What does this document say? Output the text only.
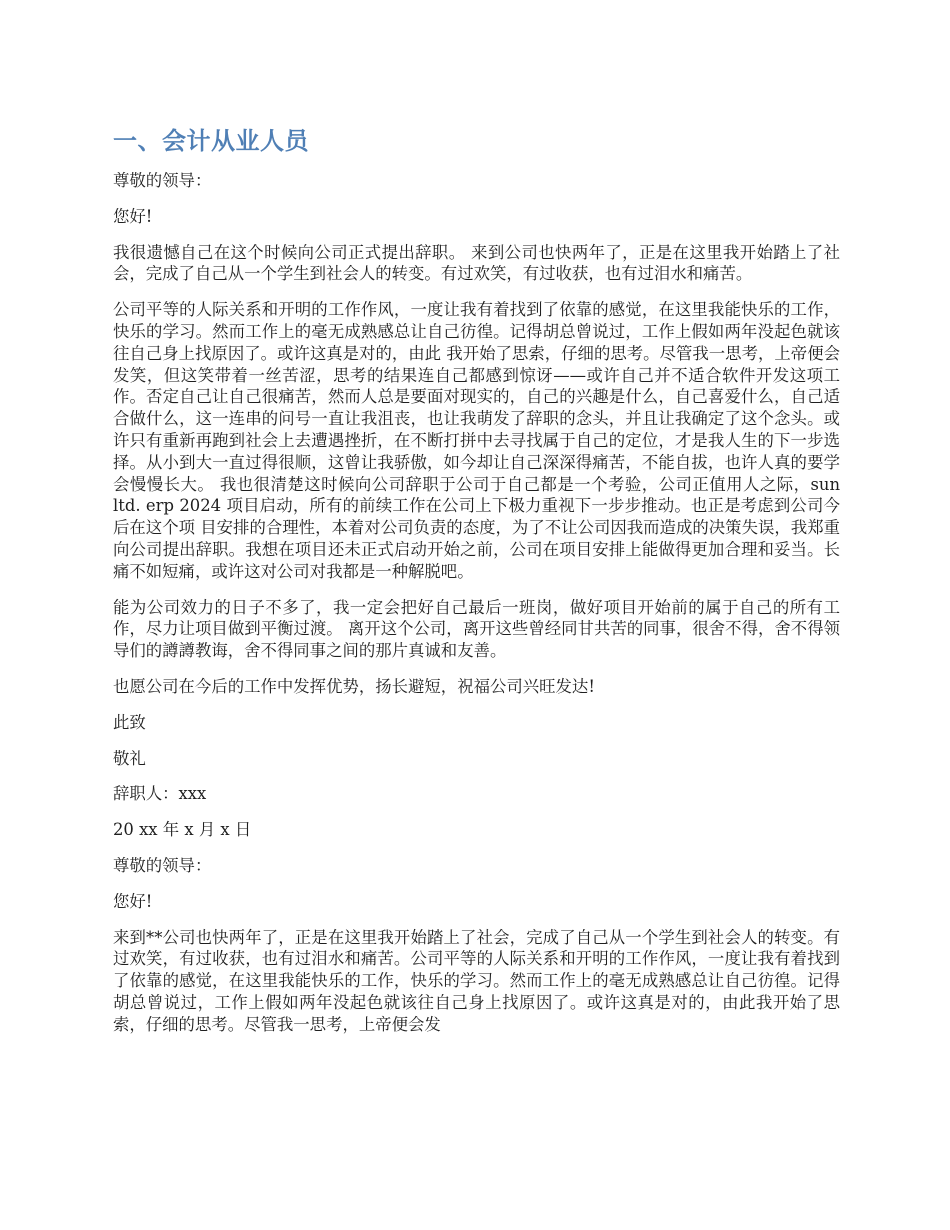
一、会计从业人员

尊敬的领导：

您好!

我很遗憾自己在这个时候向公司正式提出辞职。 来到公司也快两年了，正是在这里我开始踏上了社会，完成了自己从一个学生到社会人的转变。有过欢笑，有过收获，也有过泪水和痛苦。

公司平等的人际关系和开明的工作作风，一度让我有着找到了依靠的感觉，在这里我能快乐的工作，快乐的学习。然而工作上的毫无成熟感总让自己彷徨。记得胡总曾说过，工作上假如两年没起色就该往自己身上找原因了。或许这真是对的，由此 我开始了思索，仔细的思考。尽管我一思考，上帝便会发笑，但这笑带着一丝苦涩，思考的结果连自己都感到惊讶——或许自己并不适合软件开发这项工作。否定自己让自己很痛苦，然而人总是要面对现实的，自己的兴趣是什么，自己喜爱什么，自己适合做什么，这一连串的问号一直让我沮丧，也让我萌发了辞职的念头，并且让我确定了这个念头。或许只有重新再跑到社会上去遭遇挫折，在不断打拼中去寻找属于自己的定位，才是我人生的下一步选择。从小到大一直过得很顺，这曾让我骄傲，如今却让自己深深得痛苦，不能自拔，也许人真的要学会慢慢长大。 我也很清楚这时候向公司辞职于公司于自己都是一个考验，公司正值用人之际，sun ltd. erp 2024 项目启动，所有的前续工作在公司上下极力重视下一步步推动。也正是考虑到公司今后在这个项 目安排的合理性，本着对公司负责的态度，为了不让公司因我而造成的决策失误，我郑重向公司提出辞职。我想在项目还未正式启动开始之前，公司在项目安排上能做得更加合理和妥当。长痛不如短痛，或许这对公司对我都是一种解脱吧。

能为公司效力的日子不多了，我一定会把好自己最后一班岗，做好项目开始前的属于自己的所有工作，尽力让项目做到平衡过渡。 离开这个公司，离开这些曾经同甘共苦的同事，很舍不得，舍不得领导们的譐譐教诲，舍不得同事之间的那片真诚和友善。

也愿公司在今后的工作中发挥优势，扬长避短，祝福公司兴旺发达!

此致

敬礼

辞职人：xxx

20 xx 年 x 月 x 日

尊敬的领导：

您好!

来到**公司也快两年了，正是在这里我开始踏上了社会，完成了自己从一个学生到社会人的转变。有过欢笑，有过收获，也有过泪水和痛苦。公司平等的人际关系和开明的工作作风，一度让我有着找到了依靠的感觉，在这里我能快乐的工作，快乐的学习。然而工作上的毫无成熟感总让自己彷徨。记得胡总曾说过，工作上假如两年没起色就该往自己身上找原因了。或许这真是对的，由此我开始了思索，仔细的思考。尽管我一思考，上帝便会发
